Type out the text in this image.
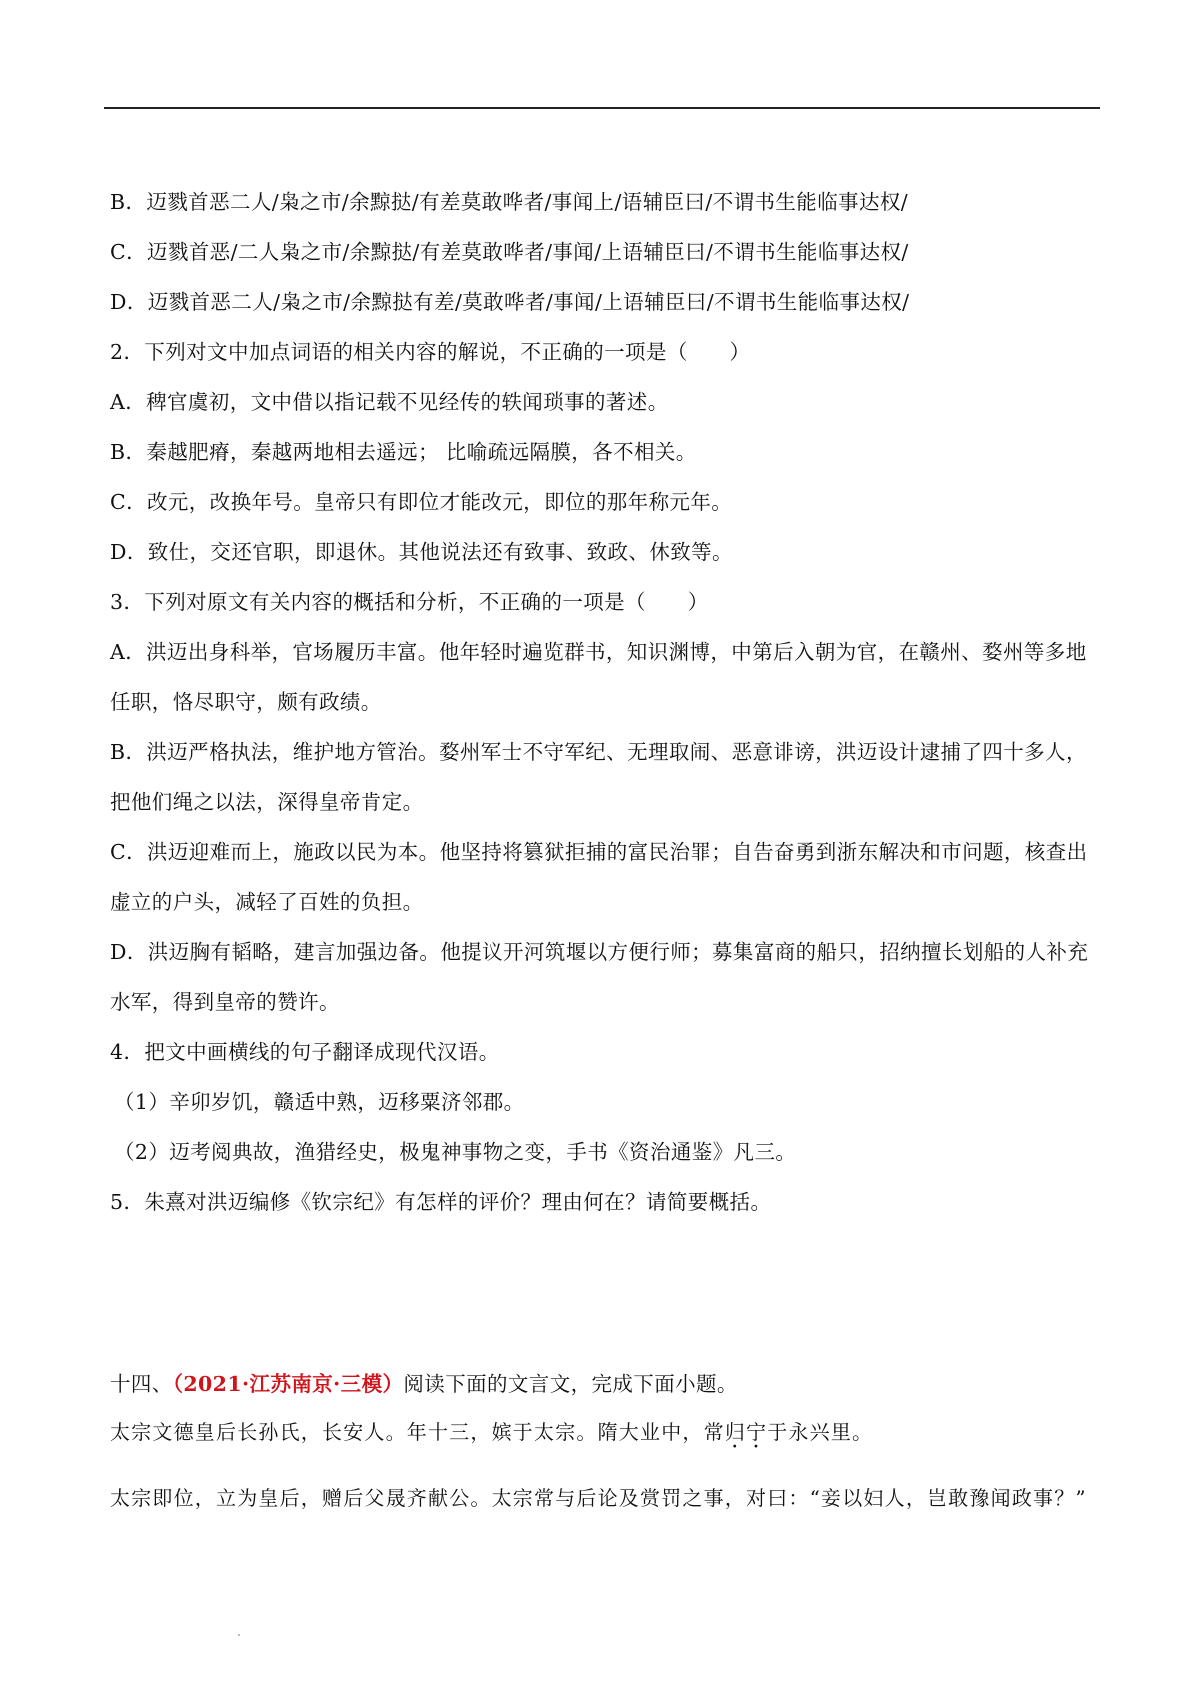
B．迈戮首恶二人/枭之市/余黥挞/有差莫敢哗者/事闻上/语辅臣曰/不谓书生能临事达权/
C．迈戮首恶/二人枭之市/余黥挞/有差莫敢哗者/事闻/上语辅臣曰/不谓书生能临事达权/
D．迈戮首恶二人/枭之市/余黥挞有差/莫敢哗者/事闻/上语辅臣曰/不谓书生能临事达权/
2．下列对文中加点词语的相关内容的解说，不正确的一项是（　　）
A．稗官虞初，文中借以指记载不见经传的轶闻琐事的著述。
B．秦越肥瘠，秦越两地相去遥远； 比喻疏远隔膜，各不相关。
C．改元，改换年号。皇帝只有即位才能改元，即位的那年称元年。
D．致仕，交还官职，即退休。其他说法还有致事、致政、休致等。
3．下列对原文有关内容的概括和分析，不正确的一项是（　　）
A．洪迈出身科举，官场履历丰富。他年轻时遍览群书，知识渊博，中第后入朝为官，在赣州、婺州等多地
任职，恪尽职守，颇有政绩。
B．洪迈严格执法，维护地方管治。婺州军士不守军纪、无理取闹、恶意诽谤，洪迈设计逮捕了四十多人，
把他们绳之以法，深得皇帝肯定。
C．洪迈迎难而上，施政以民为本。他坚持将篡狱拒捕的富民治罪；自告奋勇到浙东解决和市问题，核查出
虚立的户头，减轻了百姓的负担。
D．洪迈胸有韬略，建言加强边备。他提议开河筑堰以方便行师；募集富商的船只，招纳擅长划船的人补充
水军，得到皇帝的赞许。
4．把文中画横线的句子翻译成现代汉语。
（1）辛卯岁饥，赣适中熟，迈移粟济邻郡。
（2）迈考阅典故，渔猎经史，极鬼神事物之变，手书《资治通鉴》凡三。
5．朱熹对洪迈编修《钦宗纪》有怎样的评价？理由何在？请简要概括。
十四、（2021·江苏南京·三模）阅读下面的文言文，完成下面小题。
太宗文德皇后长孙氏，长安人。年十三，嫔于太宗。隋大业中，常归宁于永兴里。
太宗即位，立为皇后，赠后父晟齐献公。太宗常与后论及赏罚之事，对曰：“妾以妇人，岂敢豫闻政事？”
